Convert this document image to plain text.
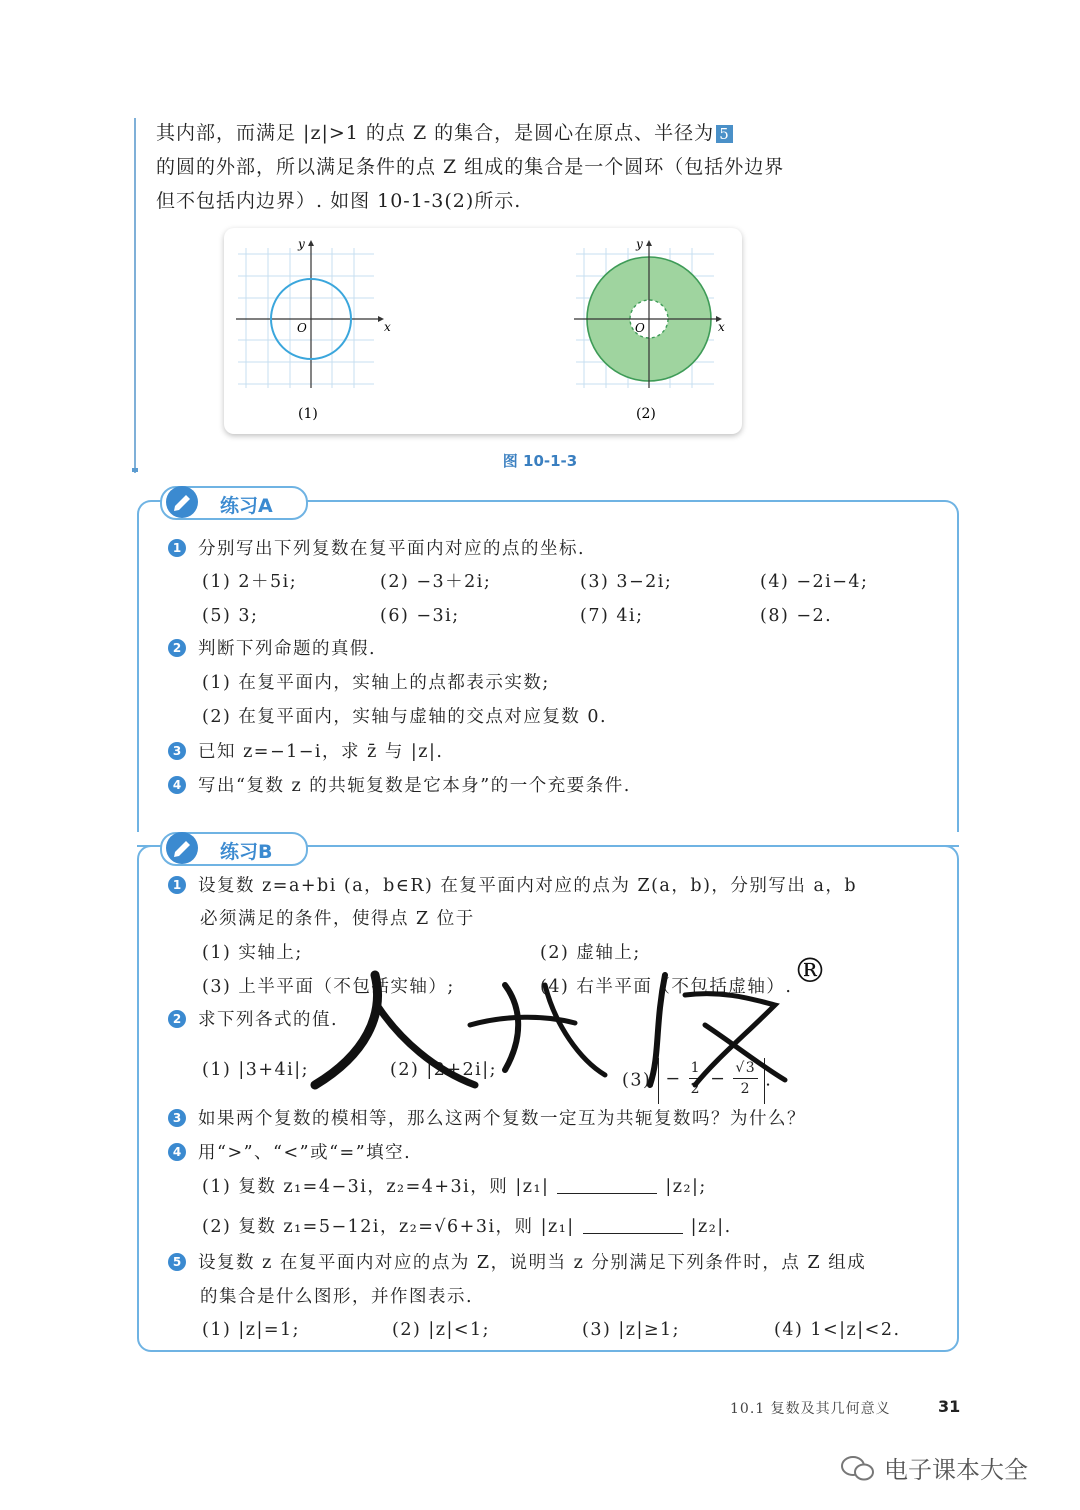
其内部，而满足 |z|>1 的点 Z 的集合，是圆心在原点、半径为 5
的圆的外部，所以满足条件的点 Z 组成的集合是一个圆环（包括外边界
但不包括内边界）. 如图 10-1-3(2)所示.
x
y
O
(1)
x
y
O
(2)
图 10-1-3
练习A
1 分别写出下列复数在复平面内对应的点的坐标.
(1) 2＋5i;	(2) −3＋2i;	(3) 3−2i;	(4) −2i−4;
(5) 3;	(6) −3i;	(7) 4i;	(8) −2.
2 判断下列命题的真假.
(1) 在复平面内，实轴上的点都表示实数;
(2) 在复平面内，实轴与虚轴的交点对应复数 0.
3 已知 z=−1−i，求 z̄ 与 |z|.
4 写出“复数 z 的共轭复数是它本身”的一个充要条件.
练习B
1 设复数 z=a+bi (a，b∈R) 在复平面内对应的点为 Z(a，b)，分别写出 a，b
必须满足的条件，使得点 Z 位于
(1) 实轴上;	(2) 虚轴上;
(3) 上半平面（不包括实轴）;	(4) 右半平面（不包括虚轴）.
2 求下列各式的值.
(1) |3+4i|;	(2) |2+2i|;
$(3) - \frac{1}{2} - \frac{√3}{2}$ .
3 如果两个复数的模相等，那么这两个复数一定互为共轭复数吗？为什么？
4 用“>”、“<”或“=”填空.
(1) 复数 z₁=4−3i，z₂=4+3i，则 |z₁|	|z₂|;
(2) 复数 z₁=5−12i，z₂=√6+3i，则 |z₁|	|z₂|.
5 设复数 z 在复平面内对应的点为 Z，说明当 z 分别满足下列条件时，点 Z 组成
的集合是什么图形，并作图表示.
(1) |z|=1;	(2) |z|<1;	(3) |z|≥1;	(4) 1<|z|<2.
®
10.1 复数及其几何意义	31
电子课本大全
